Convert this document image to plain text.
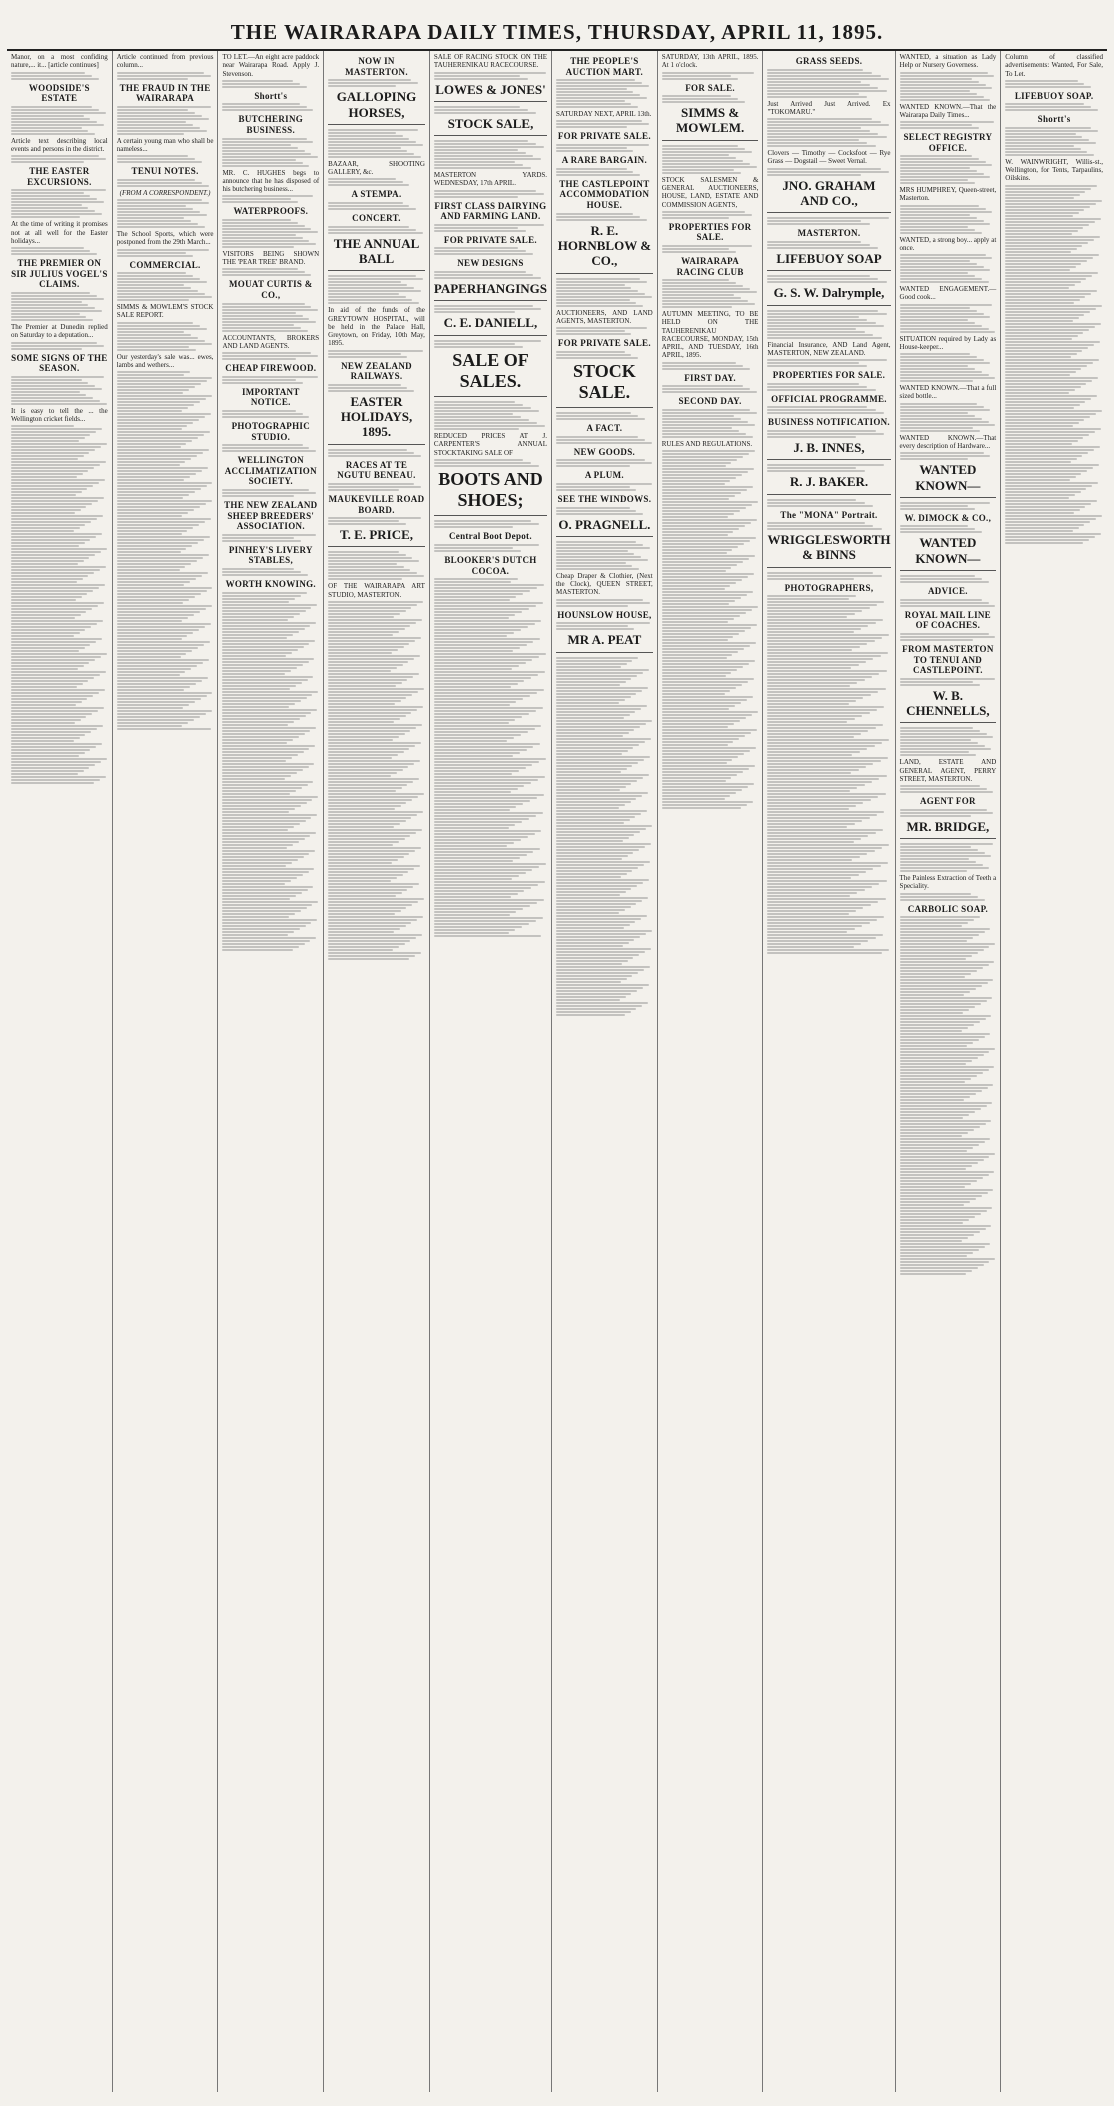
THE WAIRARAPA DAILY TIMES, THURSDAY, APRIL 11, 1895.
Manor, on a most confiding nature,... it... [article continues]
WOODSIDE'S ESTATE
Article text describing local events and persons in the district.
THE EASTER EXCURSIONS.
At the time of writing it promises not at all well for the Easter holidays...
THE PREMIER ON SIR JULIUS VOGEL'S CLAIMS.
The Premier at Dunedin replied on Saturday to a deputation...
SOME SIGNS OF THE SEASON.
It is easy to tell the ... the Wellington cricket fields...
Article continued from previous column...
THE FRAUD IN THE WAIRARAPA
A certain young man who shall be nameless...
TENUI NOTES.
(FROM A CORRESPONDENT.)
The School Sports, which were postponed from the 29th March...
COMMERCIAL.
SIMMS & MOWLEM'S STOCK SALE REPORT.
Our yesterday's sale was... ewes, lambs and wethers...
TO LET.—An eight acre paddock near Wairarapa Road. Apply J. Stevenson.
Shortt's
BUTCHERING BUSINESS.
MR. C. HUGHES begs to announce that he has disposed of his butchering business...
WATERPROOFS.
VISITORS BEING SHOWN THE 'PEAR TREE' BRAND.
MOUAT CURTIS & CO.,
ACCOUNTANTS, BROKERS AND LAND AGENTS.
CHEAP FIREWOOD.
IMPORTANT NOTICE.
PHOTOGRAPHIC STUDIO.
WELLINGTON ACCLIMATIZATION SOCIETY.
THE NEW ZEALAND SHEEP BREEDERS' ASSOCIATION.
PINHEY'S LIVERY STABLES,
WORTH KNOWING.
NOW IN MASTERTON.
GALLOPING HORSES,
BAZAAR, SHOOTING GALLERY, &c.
A STEMPA.
CONCERT.
THE ANNUAL BALL
In aid of the funds of the GREYTOWN HOSPITAL, will be held in the Palace Hall, Greytown, on Friday, 10th May, 1895.
NEW ZEALAND RAILWAYS.
EASTER HOLIDAYS, 1895.
RACES AT TE NGUTU BENEAU.
MAUKEVILLE ROAD BOARD.
T. E. PRICE,
OF THE WAIRARAPA ART STUDIO, MASTERTON.
SALE OF RACING STOCK ON THE TAUHERENIKAU RACECOURSE.
LOWES & JONES'
STOCK SALE,
MASTERTON YARDS. WEDNESDAY, 17th APRIL.
FIRST CLASS DAIRYING AND FARMING LAND.
FOR PRIVATE SALE.
NEW DESIGNS
PAPERHANGINGS
C. E. DANIELL,
SALE OF SALES.
REDUCED PRICES AT J. CARPENTER'S ANNUAL STOCKTAKING SALE OF
BOOTS AND SHOES;
Central Boot Depot.
BLOOKER'S DUTCH COCOA.
THE PEOPLE'S AUCTION MART.
SATURDAY NEXT, APRIL 13th.
FOR PRIVATE SALE.
A RARE BARGAIN.
THE CASTLEPOINT ACCOMMODATION HOUSE.
R. E. HORNBLOW & CO.,
AUCTIONEERS, AND LAND AGENTS, MASTERTON.
FOR PRIVATE SALE.
STOCK SALE.
A FACT.
NEW GOODS.
A PLUM.
SEE THE WINDOWS.
O. PRAGNELL.
Cheap Draper & Clothier, (Next the Clock), QUEEN STREET, MASTERTON.
HOUNSLOW HOUSE,
MR A. PEAT
SATURDAY, 13th APRIL, 1895. At 1 o'clock.
FOR SALE.
SIMMS & MOWLEM.
STOCK SALESMEN & GENERAL AUCTIONEERS, HOUSE, LAND, ESTATE AND COMMISSION AGENTS,
PROPERTIES FOR SALE.
WAIRARAPA RACING CLUB
AUTUMN MEETING, TO BE HELD ON THE TAUHERENIKAU RACECOURSE, MONDAY, 15th APRIL, AND TUESDAY, 16th APRIL, 1895.
FIRST DAY.
SECOND DAY.
RULES AND REGULATIONS.
GRASS SEEDS.
Just Arrived Just Arrived. Ex "TOKOMARU."
Clovers — Timothy — Cocksfoot — Rye Grass — Dogstail — Sweet Vernal.
JNO. GRAHAM AND CO.,
MASTERTON.
LIFEBUOY SOAP
G. S. W. Dalrymple,
Financial Insurance, AND Land Agent, MASTERTON, NEW ZEALAND.
PROPERTIES FOR SALE.
OFFICIAL PROGRAMME.
BUSINESS NOTIFICATION.
J. B. INNES,
R. J. BAKER.
The "MONA" Portrait.
WRIGGLESWORTH & BINNS
PHOTOGRAPHERS,
WANTED, a situation as Lady Help or Nursery Governess.
WANTED KNOWN.—That the Wairarapa Daily Times...
SELECT REGISTRY OFFICE.
MRS HUMPHREY, Queen-street, Masterton.
WANTED, a strong boy... apply at once.
WANTED ENGAGEMENT.—Good cook...
SITUATION required by Lady as House-keeper...
WANTED KNOWN.—That a full sized bottle...
WANTED KNOWN.—That every description of Hardware...
WANTED KNOWN—
W. DIMOCK & CO.,
WANTED KNOWN—
ADVICE.
ROYAL MAIL LINE OF COACHES.
FROM MASTERTON TO TENUI AND CASTLEPOINT.
W. B. CHENNELLS,
LAND, ESTATE AND GENERAL AGENT, PERRY STREET, MASTERTON.
AGENT FOR
MR. BRIDGE,
The Painless Extraction of Teeth a Speciality.
CARBOLIC SOAP.
Column of classified advertisements: Wanted, For Sale, To Let.
LIFEBUOY SOAP.
Shortt's
W. WAINWRIGHT, Willis-st., Wellington, for Tents, Tarpaulins, Oilskins.
